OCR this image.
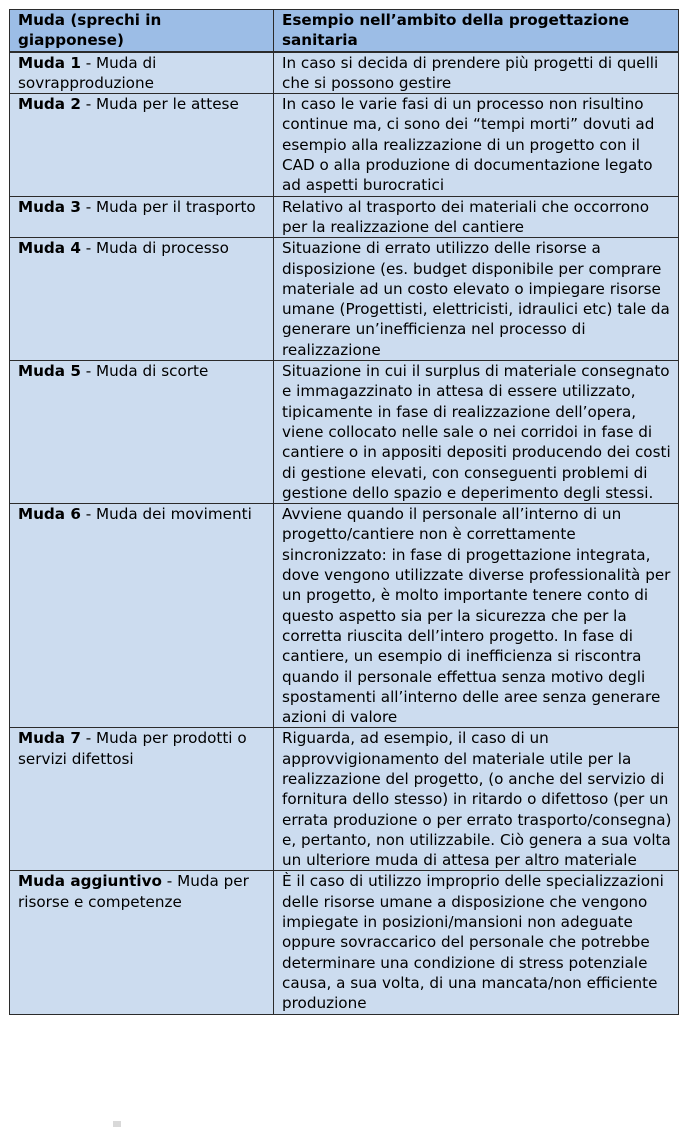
Muda (sprechi in giapponese)	Esempio nell’ambito della progettazione sanitaria
Muda 1 - Muda di sovrapproduzione	In caso si decida di prendere più progetti di quelli che si possono gestire
Muda 2 - Muda per le attese	In caso le varie fasi di un processo non risultino continue ma, ci sono dei “tempi morti” dovuti ad esempio alla realizzazione di un progetto con il CAD o alla produzione di documentazione legato ad aspetti burocratici
Muda 3 - Muda per il trasporto	Relativo al trasporto dei materiali che occorrono per la realizzazione del cantiere
Muda 4 - Muda di processo	Situazione di errato utilizzo delle risorse a disposizione (es. budget disponibile per comprare materiale ad un costo elevato o impiegare risorse umane (Progettisti, elettricisti, idraulici etc) tale da generare un’inefficienza nel processo di realizzazione
Muda 5 - Muda di scorte	Situazione in cui il surplus di materiale consegnato e immagazzinato in attesa di essere utilizzato, tipicamente in fase di realizzazione dell’opera, viene collocato nelle sale o nei corridoi in fase di cantiere o in appositi depositi producendo dei costi di gestione elevati, con conseguenti problemi di gestione dello spazio e deperimento degli stessi.
Muda 6 - Muda dei movimenti	Avviene quando il personale all’interno di un progetto/cantiere non è correttamente sincronizzato: in fase di progettazione integrata, dove vengono utilizzate diverse professionalità per un progetto, è molto importante tenere conto di questo aspetto sia per la sicurezza che per la corretta riuscita dell’intero progetto. In fase di cantiere, un esempio di inefficienza si riscontra quando il personale effettua senza motivo degli spostamenti all’interno delle aree senza generare azioni di valore
Muda 7 - Muda per prodotti o servizi difettosi	Riguarda, ad esempio, il caso di un approvvigionamento del materiale utile per la realizzazione del progetto, (o anche del servizio di fornitura dello stesso) in ritardo o difettoso (per un errata produzione o per errato trasporto/consegna) e, pertanto, non utilizzabile. Ciò genera a sua volta un ulteriore muda di attesa per altro materiale
Muda aggiuntivo - Muda per risorse e competenze	È il caso di utilizzo improprio delle specializzazioni delle risorse umane a disposizione che vengono impiegate in posizioni/mansioni non adeguate oppure sovraccarico del personale che potrebbe determinare una condizione di stress potenziale causa, a sua volta, di una mancata/non efficiente produzione
